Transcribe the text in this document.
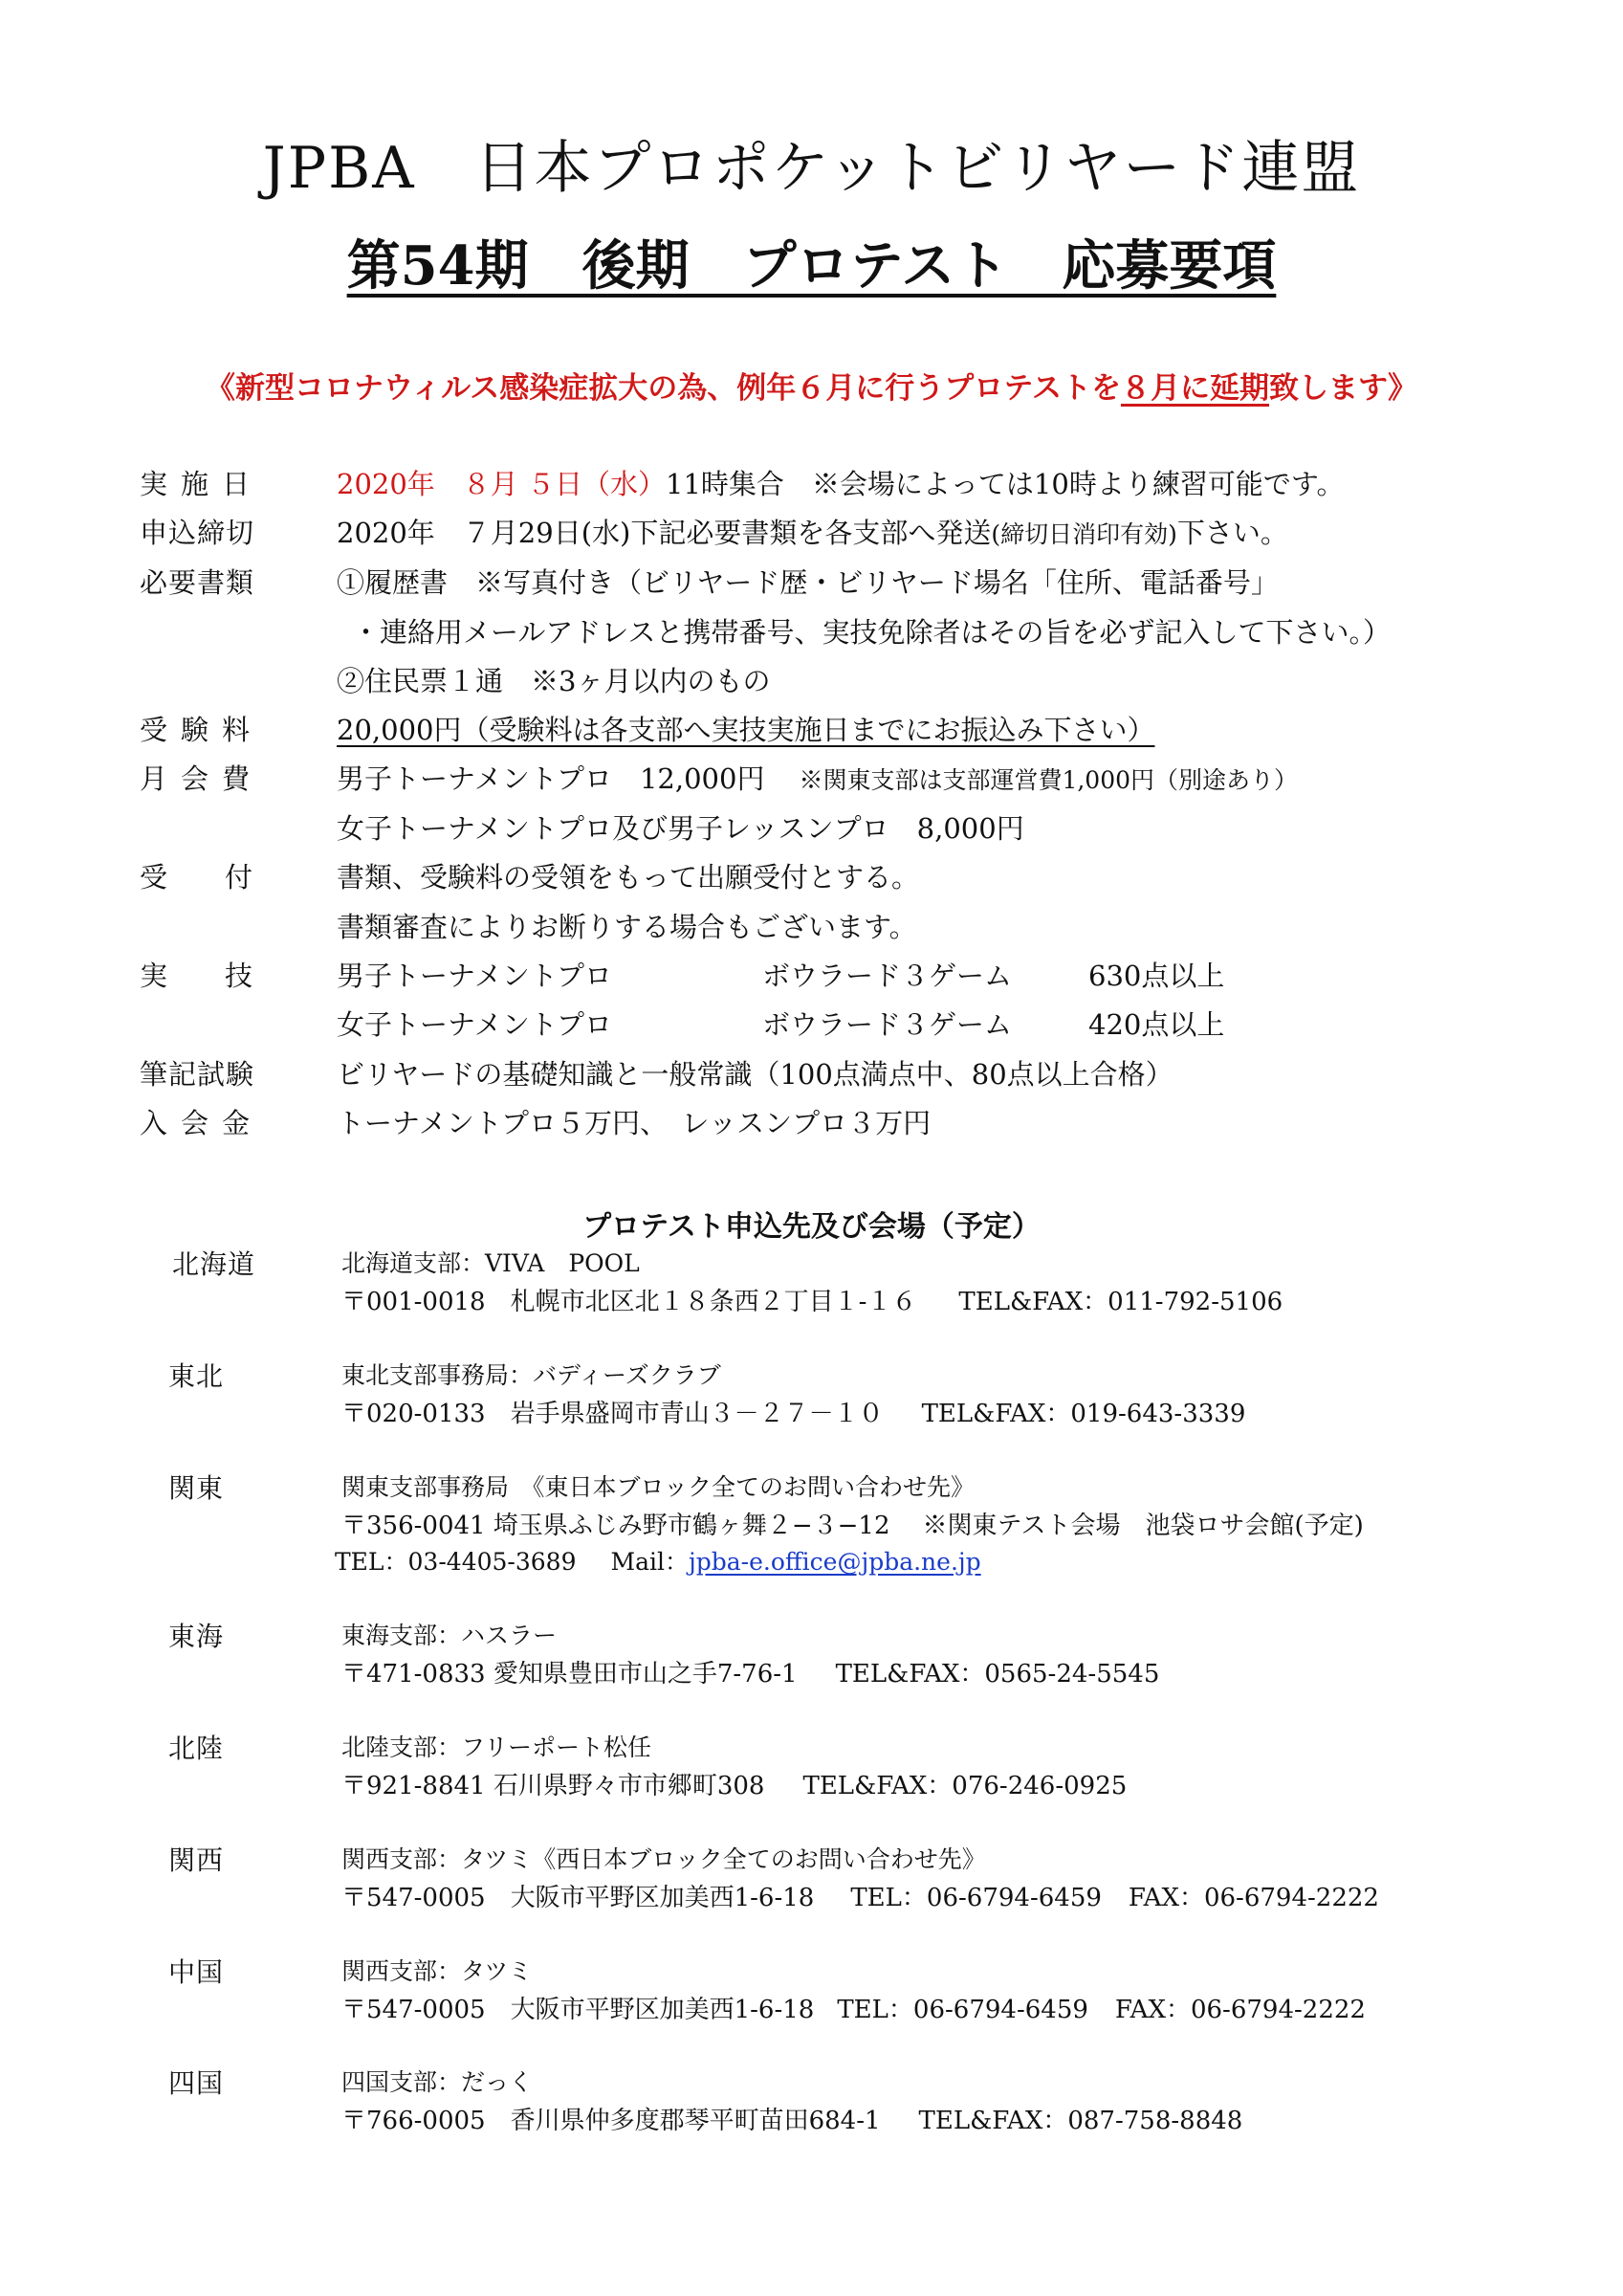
JPBA　日本プロポケットビリヤード連盟
第54期　後期　プロテスト　応募要項
《新型コロナウィルス感染症拡大の為、例年６月に行うプロテストを８月に延期致します》
実施日	2020年　８月 ５日（水）11時集合　※会場によっては10時より練習可能です。
申込締切	2020年　７月29日(水)下記必要書類を各支部へ発送(締切日消印有効)下さい。
必要書類	①履歴書　※写真付き（ビリヤード歴・ビリヤード場名「住所、電話番号」
・連絡用メールアドレスと携帯番号、実技免除者はその旨を必ず記入して下さい。）
②住民票１通　※3ヶ月以内のもの
受験料	20,000円（受験料は各支部へ実技実施日までにお振込み下さい）
月会費	男子トーナメントプロ　12,000円 ※関東支部は支部運営費1,000円（別途あり）
女子トーナメントプロ及び男子レッスンプロ　8,000円
受付 書類、受験料の受領をもって出願受付とする。
書類審査によりお断りする場合もございます。
実技 男子トーナメントプロ	ボウラード３ゲーム	630点以上
女子トーナメントプロ	ボウラード３ゲーム	420点以上
筆記試験	ビリヤードの基礎知識と一般常識（100点満点中、80点以上合格）
入会金	トーナメントプロ５万円、　レッスンプロ３万円
プロテスト申込先及び会場（予定）
北海道	北海道支部：VIVA　POOL
〒001-0018　札幌市北区北１８条西２丁目１-１６ TEL&FAX：011-792-5106
東北	東北支部事務局：バディーズクラブ
〒020-0133　岩手県盛岡市青山３－２７－１０ TEL&FAX：019-643-3339
関東	関東支部事務局　《東日本ブロック全てのお問い合わせ先》
〒356-0041 埼玉県ふじみ野市鶴ヶ舞２−３−12 ※関東テスト会場　池袋ロサ会館(予定)
TEL：03-4405-3689 Mail：jpba-e.office@jpba.ne.jp
東海	東海支部：ハスラー
〒471-0833 愛知県豊田市山之手7-76-1 TEL&FAX：0565-24-5545
北陸	北陸支部：フリーポート松任
〒921-8841 石川県野々市市郷町308 TEL&FAX：076-246-0925
関西	関西支部：タツミ《西日本ブロック全てのお問い合わせ先》
〒547-0005　大阪市平野区加美西1-6-18 TEL：06-6794-6459 FAX：06-6794-2222
中国	関西支部：タツミ
〒547-0005　大阪市平野区加美西1-6-18 TEL：06-6794-6459 FAX：06-6794-2222
四国	四国支部：だっく
〒766-0005　香川県仲多度郡琴平町苗田684-1 TEL&FAX：087-758-8848
